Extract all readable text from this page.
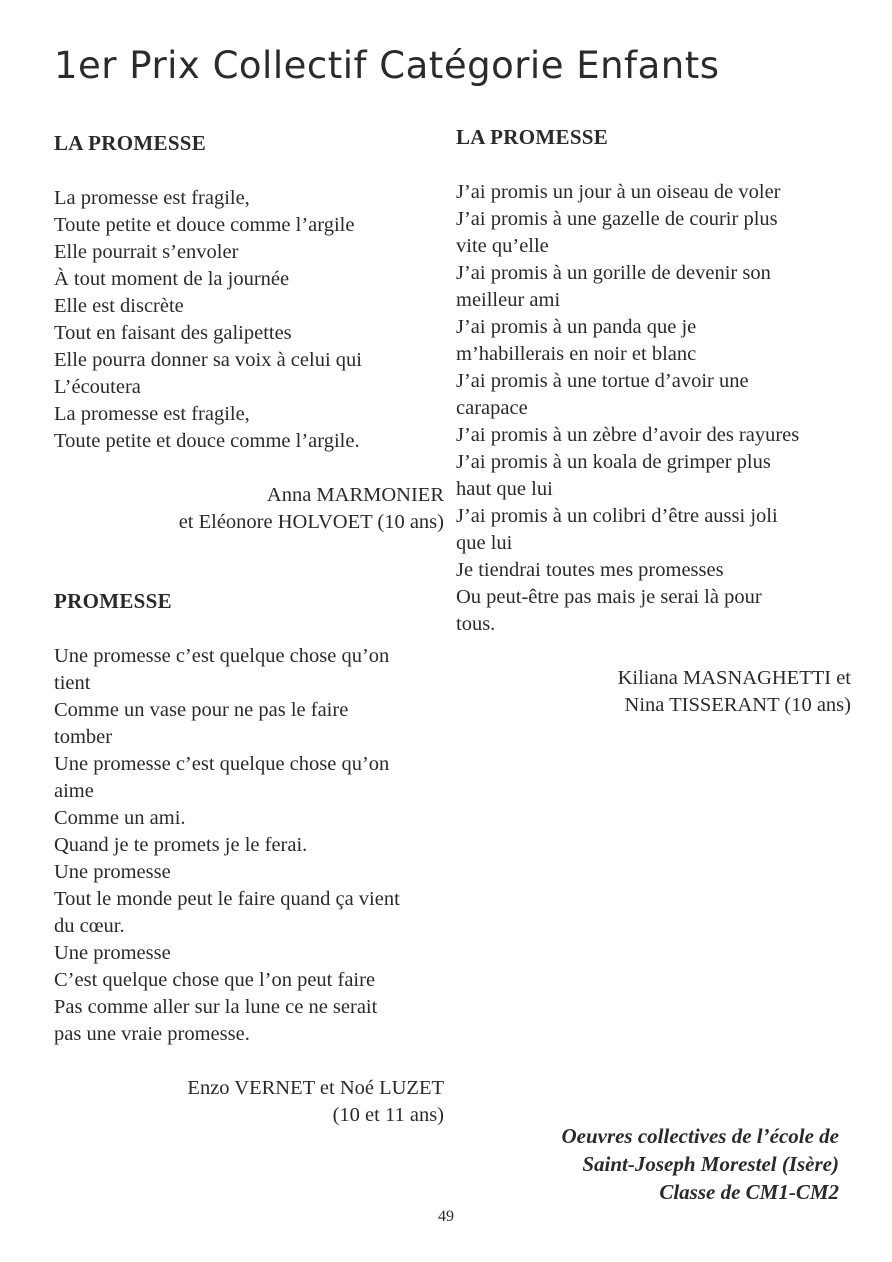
1er Prix Collectif Catégorie Enfants
LA PROMESSE
La promesse est fragile,
Toute petite et douce comme l’argile
Elle pourrait s’envoler
À tout moment de la journée
Elle est discrète
Tout en faisant des galipettes
Elle pourra donner sa voix à celui qui
L’écoutera
La promesse est fragile,
Toute petite et douce comme l’argile.
Anna MARMONIER
et Eléonore HOLVOET (10 ans)
PROMESSE
Une promesse c’est quelque chose qu’on
tient
Comme un vase pour ne pas le faire
tomber
Une promesse c’est quelque chose qu’on
aime
Comme un ami.
Quand je te promets je le ferai.
Une promesse
Tout le monde peut le faire quand ça vient
du cœur.
Une promesse
C’est quelque chose que l’on peut faire
Pas comme aller sur la lune ce ne serait
pas une vraie promesse.
Enzo VERNET et Noé LUZET
(10 et 11 ans)
LA PROMESSE
J’ai promis un jour à un oiseau de voler
J’ai promis à une gazelle de courir plus
vite qu’elle
J’ai promis à un gorille de devenir son
meilleur ami
J’ai promis à un panda que je
m’habillerais en noir et blanc
J’ai promis à une tortue d’avoir une
carapace
J’ai promis à un zèbre d’avoir des rayures
J’ai promis à un koala de grimper plus
haut que lui
J’ai promis à un colibri d’être aussi joli
que lui
Je tiendrai toutes mes promesses
Ou peut-être pas mais je serai là pour
tous.
Kiliana MASNAGHETTI et
Nina TISSERANT (10 ans)
Oeuvres collectives de l’école de
Saint-Joseph Morestel (Isère)
Classe de CM1-CM2
49
